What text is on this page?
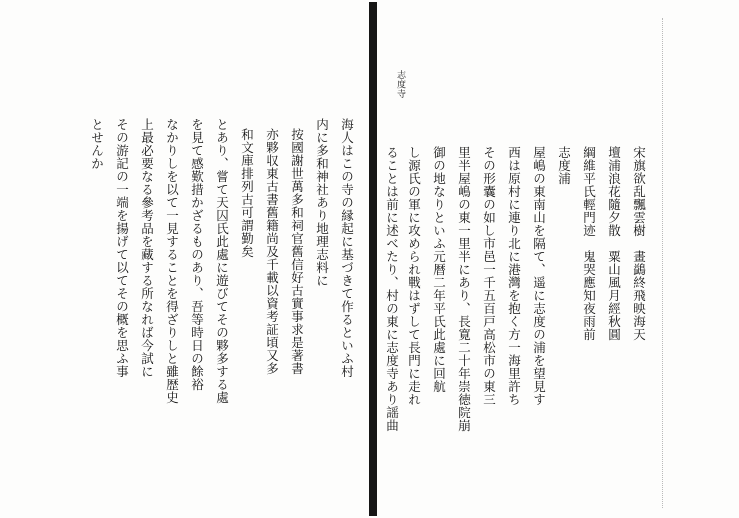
海人はこの寺の縁起に基づきて作るといふ村
内に多和神社あり地理志料に
按國謝世萬多和祠官舊信好古實事求是著書
亦夥収東古書舊籍尚及千載以資考証頃又多
和文庫排列古可謂勤矣
とあり、嘗て天囚氏此處に遊びてその夥多する處
を見て感歎措かざるものあり、吾等時日の餘裕
なかりしを以て一見することを得ざりしと雖歴史
上最必要なる參考品を藏する所なれば今試に
その游記の一端を揚げて以てその概を思ふ事
とせんか
宋旗欲乱飄雲樹　畫鷁終飛映海天
壇浦浪花隨夕散　粟山風月經秋圓
綱維平氏輕門迹　鬼哭應知夜雨前
志度浦
屋嶋の東南山を隔て、遥に志度の浦を望見す
西は原村に連り北に港灣を抱く方一海里許ち
その形囊の如し市邑一千五百戸高松市の東三
里半屋嶋の東一里半にあり、長寛二十年崇徳院崩
御の地なりといふ元暦二年平氏此處に回航
し源氏の軍に攻められ戰はずして長門に走れ
ることは前に述べたり、村の東に志度寺あり謡曲
志度寺
